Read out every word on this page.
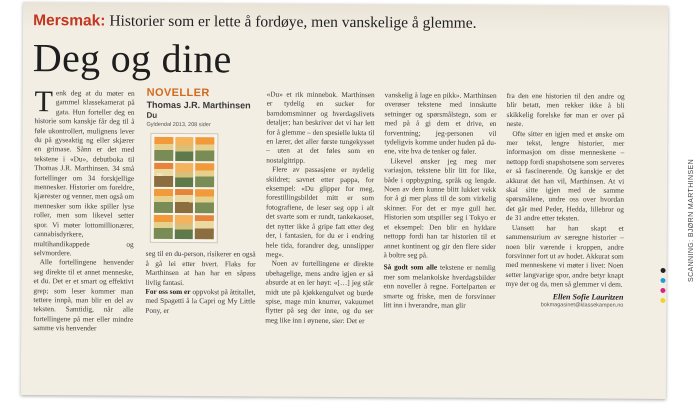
Mersmak: Historier som er lette å fordøye, men vanskelige å glemme.
Deg og dine

Tenk deg at du møter en gammel klassekamerat på gata. Hun forteller deg en historie som kanskje får deg til å føle ukontrollert, mulignens lever du på gyseaktig ng eller skjærer en grimase. Sånn er det med tekstene i «Du», debutboka til Thomas J.R. Marthinsen. 34 små fortellinger om 34 forskjellige mennesker. Historier om foreldre, kjærester og venner, men også om mennesker som ikke spiller lyse roller, men som likevel setter spor. Vi møter lottomillionærer, cannabisdyrkere, multihandikappede og selvmordere.

Alle fortellingene henvender seg direkte til et annet menneske, et du. Det er et smart og effektivt grep; som leser kommer man tettere innpå, man blir en del av teksten. Samtidig, når alle fortellingene på mer eller mindre samme vis henvender

NOVELLER
Thomas J.R. Marthinsen
Du
Gyldendal 2013, 208 sider
DU

seg til en du-person, risikerer en også å gå lei etter hvert. Flaks for Marthinsen at han har en såpass livlig fantasi.

For oss som er oppvokst på åttitallet, med Spagetti å la Capri og My Little Pony, er

«Du» et rik minnebok. Marthinsen er tydelig en sucker for barndomsminner og hverdagslivets detaljer; han beskriver det vi har lett for å glemme – den spesielle lukta til en lærer, det aller første tungekysset – uten at det føles som en nostalgitripp.

Flere av passasjene er nydelig skildret; savnet etter pappa, for eksempel: «Du glipper for meg, forestillingsbildet mitt er som fotografiene, de leser seg opp i alt det svarte som er rundt, tankekaoset, det nytter ikke å gripe fatt etter deg der, i fantasien, for du er i endring hele tida, forandrer deg, unnslipper meg».

Noen av fortellingene er direkte ubehagelige, mens andre igjen er så absurde at en ler høyt: «[…] jeg står midt ute på kjøkkengulvet og burde spise, mage min knurrer, vakuumet flytter på seg der inne, og du ser meg like inn i øynene, sier: Det er

vanskelig å lage en pikk». Marthinsen overøser tekstene med innskutte setninger og spørsmålstegn, som er med på å gi dem et drive, en forventning; jeg-personen vil tydeligvis komme under huden på du-ene, vite hva de tenker og føler.

Likevel ønsker jeg meg mer variasjon, tekstene blir litt for like, både i oppbygning, språk og lengde. Noen av dem kunne blitt lukket vekk for å gi mer plass til de som virkelig skinner. For det er mye gull her. Historien som utspiller seg i Tokyo er et eksempel: Den blir en hyldare nettopp fordi han tar historien til et annet kontinent og gir den flere sider å boltre seg på.

Så godt som alle tekstene er nemlig mer som melankolske hverdagsbilder enn noveller å regne. Fortelparten er smarte og friske, men de forsvinner litt inn i hverandre, man glir

fra den ene historien til den andre og blir betatt, men rekker ikke å bli skikkelig forelske før man er over på neste.

Ofte sitter en igjen med et ønske om mer tekst, lengre historier, mer informasjon om disse menneskene – nettopp fordi snapshotsene som serveres er så fascinerende. Og kanskje er det akkurat det han vil, Marthinsen. At vi skal sitte igjen med de samme spørsmålene, undre oss over hvordan det går med Peder, Hedda, lillebror og de 31 andre etter teksten.

Uansett har han skapt et sammensurium av særegne historier – noen blir værende i kroppen, andre forsvinner fort ut av hodet. Akkurat som med menneskene vi møter i livet: Noen setter langvarige spor, andre betyr knapt mye der og da, men så glemmer vi dem.

Ellen Sofie Lauritzen
bokmagasinet@klassekampen.no
SCANNING: BJØRN MARTHINSEN
